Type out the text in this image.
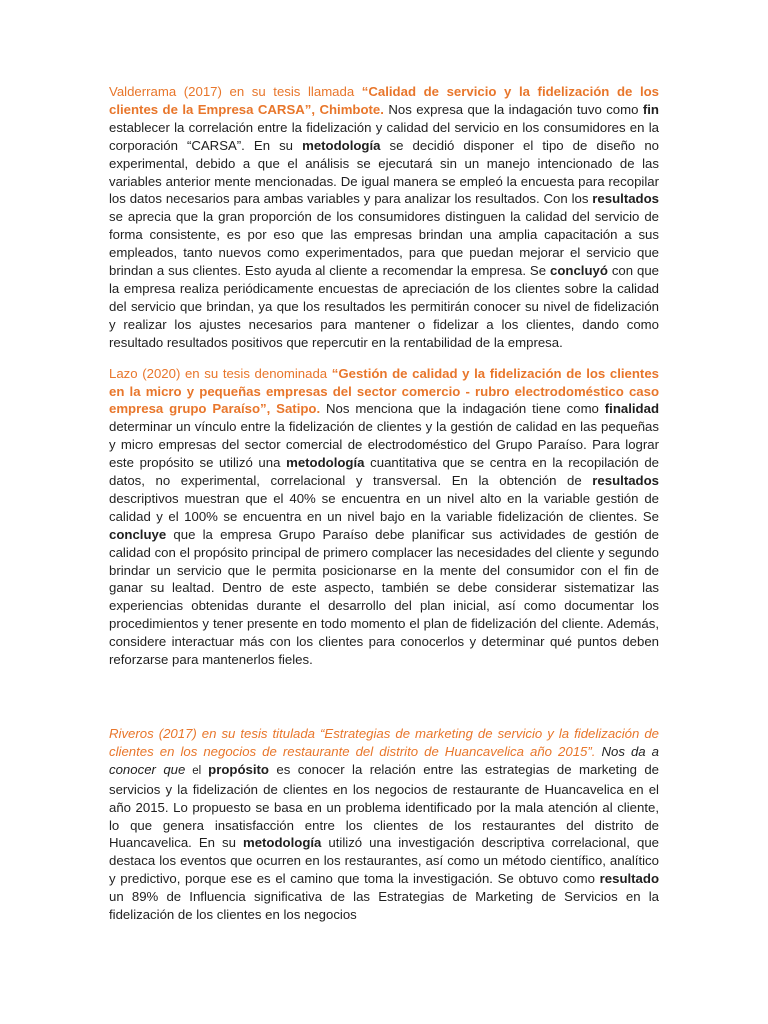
Valderrama (2017) en su tesis llamada “Calidad de servicio y la fidelización de los clientes de la Empresa CARSA”, Chimbote. Nos expresa que la indagación tuvo como fin establecer la correlación entre la fidelización y calidad del servicio en los consumidores en la corporación “CARSA”. En su metodología se decidió disponer el tipo de diseño no experimental, debido a que el análisis se ejecutará sin un manejo intencionado de las variables anterior mente mencionadas. De igual manera se empleó la encuesta para recopilar los datos necesarios para ambas variables y para analizar los resultados. Con los resultados se aprecia que la gran proporción de los consumidores distinguen la calidad del servicio de forma consistente, es por eso que las empresas brindan una amplia capacitación a sus empleados, tanto nuevos como experimentados, para que puedan mejorar el servicio que brindan a sus clientes. Esto ayuda al cliente a recomendar la empresa. Se concluyó con que la empresa realiza periódicamente encuestas de apreciación de los clientes sobre la calidad del servicio que brindan, ya que los resultados les permitirán conocer su nivel de fidelización y realizar los ajustes necesarios para mantener o fidelizar a los clientes, dando como resultado resultados positivos que repercutir en la rentabilidad de la empresa.

Lazo (2020) en su tesis denominada “Gestión de calidad y la fidelización de los clientes en la micro y pequeñas empresas del sector comercio - rubro electrodoméstico caso empresa grupo Paraíso”, Satipo. Nos menciona que la indagación tiene como finalidad determinar un vínculo entre la fidelización de clientes y la gestión de calidad en las pequeñas y micro empresas del sector comercial de electrodoméstico del Grupo Paraíso. Para lograr este propósito se utilizó una metodología cuantitativa que se centra en la recopilación de datos, no experimental, correlacional y transversal. En la obtención de resultados descriptivos muestran que el 40% se encuentra en un nivel alto en la variable gestión de calidad y el 100% se encuentra en un nivel bajo en la variable fidelización de clientes. Se concluye que la empresa Grupo Paraíso debe planificar sus actividades de gestión de calidad con el propósito principal de primero complacer las necesidades del cliente y segundo brindar un servicio que le permita posicionarse en la mente del consumidor con el fin de ganar su lealtad. Dentro de este aspecto, también se debe considerar sistematizar las experiencias obtenidas durante el desarrollo del plan inicial, así como documentar los procedimientos y tener presente en todo momento el plan de fidelización del cliente. Además, considere interactuar más con los clientes para conocerlos y determinar qué puntos deben reforzarse para mantenerlos fieles.

Riveros (2017) en su tesis titulada “Estrategias de marketing de servicio y la fidelización de clientes en los negocios de restaurante del distrito de Huancavelica año 2015”. Nos da a conocer que el propósito es conocer la relación entre las estrategias de marketing de servicios y la fidelización de clientes en los negocios de restaurante de Huancavelica en el año 2015. Lo propuesto se basa en un problema identificado por la mala atención al cliente, lo que genera insatisfacción entre los clientes de los restaurantes del distrito de Huancavelica. En su metodología utilizó una investigación descriptiva correlacional, que destaca los eventos que ocurren en los restaurantes, así como un método científico, analítico y predictivo, porque ese es el camino que toma la investigación. Se obtuvo como resultado un 89% de Influencia significativa de las Estrategias de Marketing de Servicios en la fidelización de los clientes en los negocios
